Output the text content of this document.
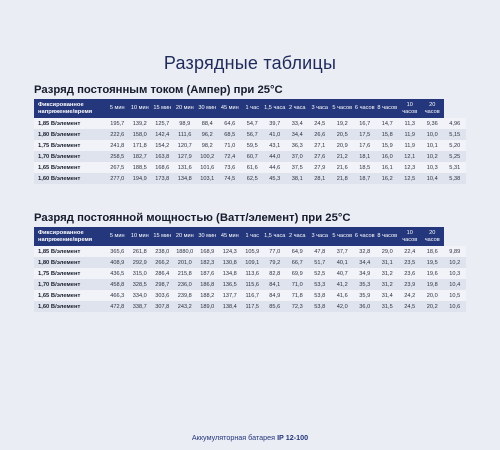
Разрядные таблицы
Разряд постоянным током (Ампер) при 25°C
Фиксированное напряжение/время	5 мин	10 мин	15 мин	20 мин	30 мин	45 мин	1 час	1,5 часа	2 часа	3 часа	5 часов	6 часов	8 часов	10 часов	20 часов	
1,85 В/элемент	195,7	139,2	125,7	98,9	88,4	64,6	54,7	39,7	33,4	24,5	19,2	16,7	14,7	11,3	9,36	4,96
1,80 В/элемент	222,6	158,0	142,4	111,6	96,2	68,5	56,7	41,0	34,4	26,6	20,5	17,5	15,8	11,9	10,0	5,15
1,75 В/элемент	241,8	171,8	154,2	120,7	98,2	71,0	59,5	43,1	36,3	27,1	20,9	17,6	15,9	11,9	10,1	5,20
1,70 В/элемент	258,5	182,7	163,8	127,9	100,2	72,4	60,7	44,0	37,0	27,6	21,2	18,1	16,0	12,1	10,2	5,25
1,65 В/элемент	267,5	188,5	168,6	131,6	101,6	73,6	61,6	44,6	37,5	27,9	21,6	18,5	16,1	12,3	10,3	5,31
1,60 В/элемент	277,0	194,9	173,8	134,8	103,1	74,5	62,5	45,3	38,1	28,1	21,8	18,7	16,2	12,5	10,4	5,38
Разряд постоянной мощностью (Ватт/элемент) при 25°C
Фиксированное напряжение/время	5 мин	10 мин	15 мин	20 мин	30 мин	45 мин	1 час	1,5 часа	2 часа	3 часа	5 часов	6 часов	8 часов	10 часов	20 часов	
1,85 В/элемент	365,6	261,8	238,0	1880,0	168,9	124,3	105,9	77,0	64,9	47,8	37,7	32,8	29,0	22,4	18,6	9,89
1,80 В/элемент	408,9	292,9	266,2	201,0	182,3	130,8	109,1	79,2	66,7	51,7	40,1	34,4	31,1	23,5	19,5	10,2
1,75 В/элемент	436,5	315,0	286,4	215,8	187,6	134,8	113,6	82,8	69,9	52,5	40,7	34,9	31,2	23,6	19,6	10,3
1,70 В/элемент	458,8	328,5	298,7	236,0	186,8	136,5	115,6	84,1	71,0	53,3	41,2	35,3	31,2	23,9	19,8	10,4
1,65 В/элемент	466,3	334,0	303,6	239,8	188,2	137,7	116,7	84,9	71,8	53,8	41,6	35,9	31,4	24,2	20,0	10,5
1,60 В/элемент	472,8	338,7	307,8	243,2	189,0	138,4	117,5	85,6	72,3	53,8	42,0	36,0	31,5	24,5	20,2	10,6
Аккумуляторная батарея IP 12-100
